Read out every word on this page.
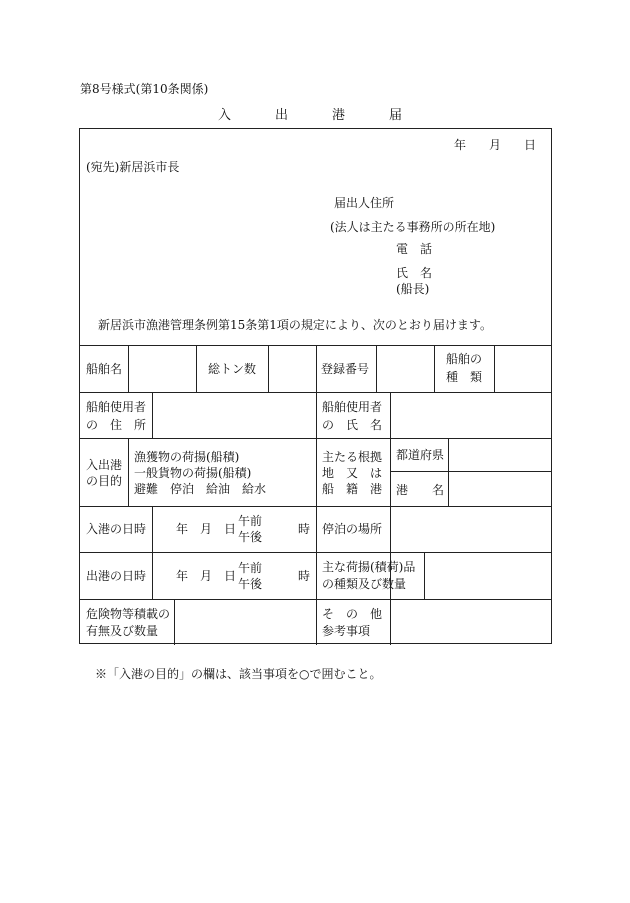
第8号様式(第10条関係)
入出港届
年 月 日
(宛先)新居浜市長
届出人住所
(法人は主たる事務所の所在地)
電　話
氏　名
(船長)
新居浜市漁港管理条例第15条第1項の規定により、次のとおり届けます。
船舶名	総トン数	登録番号
船舶の
種　類
船舶使用者
の　住　所
船舶使用者
の　氏　名
入出港
の目的
漁獲物の荷揚(船積)
一般貨物の荷揚(船積)
避難　停泊　給油　給水
主たる根拠
地　又　は
船　籍　港
都道府県
港　　名
入港の日時 年 月 日
午前
午後
時 停泊の場所
出港の日時 年 月 日
午前
午後
時
主な荷揚(積荷)品
の種類及び数量
危険物等積載の
有無及び数量
そ　の　他
参考事項
※「入港の目的」の欄は、該当事項を○で囲むこと。
